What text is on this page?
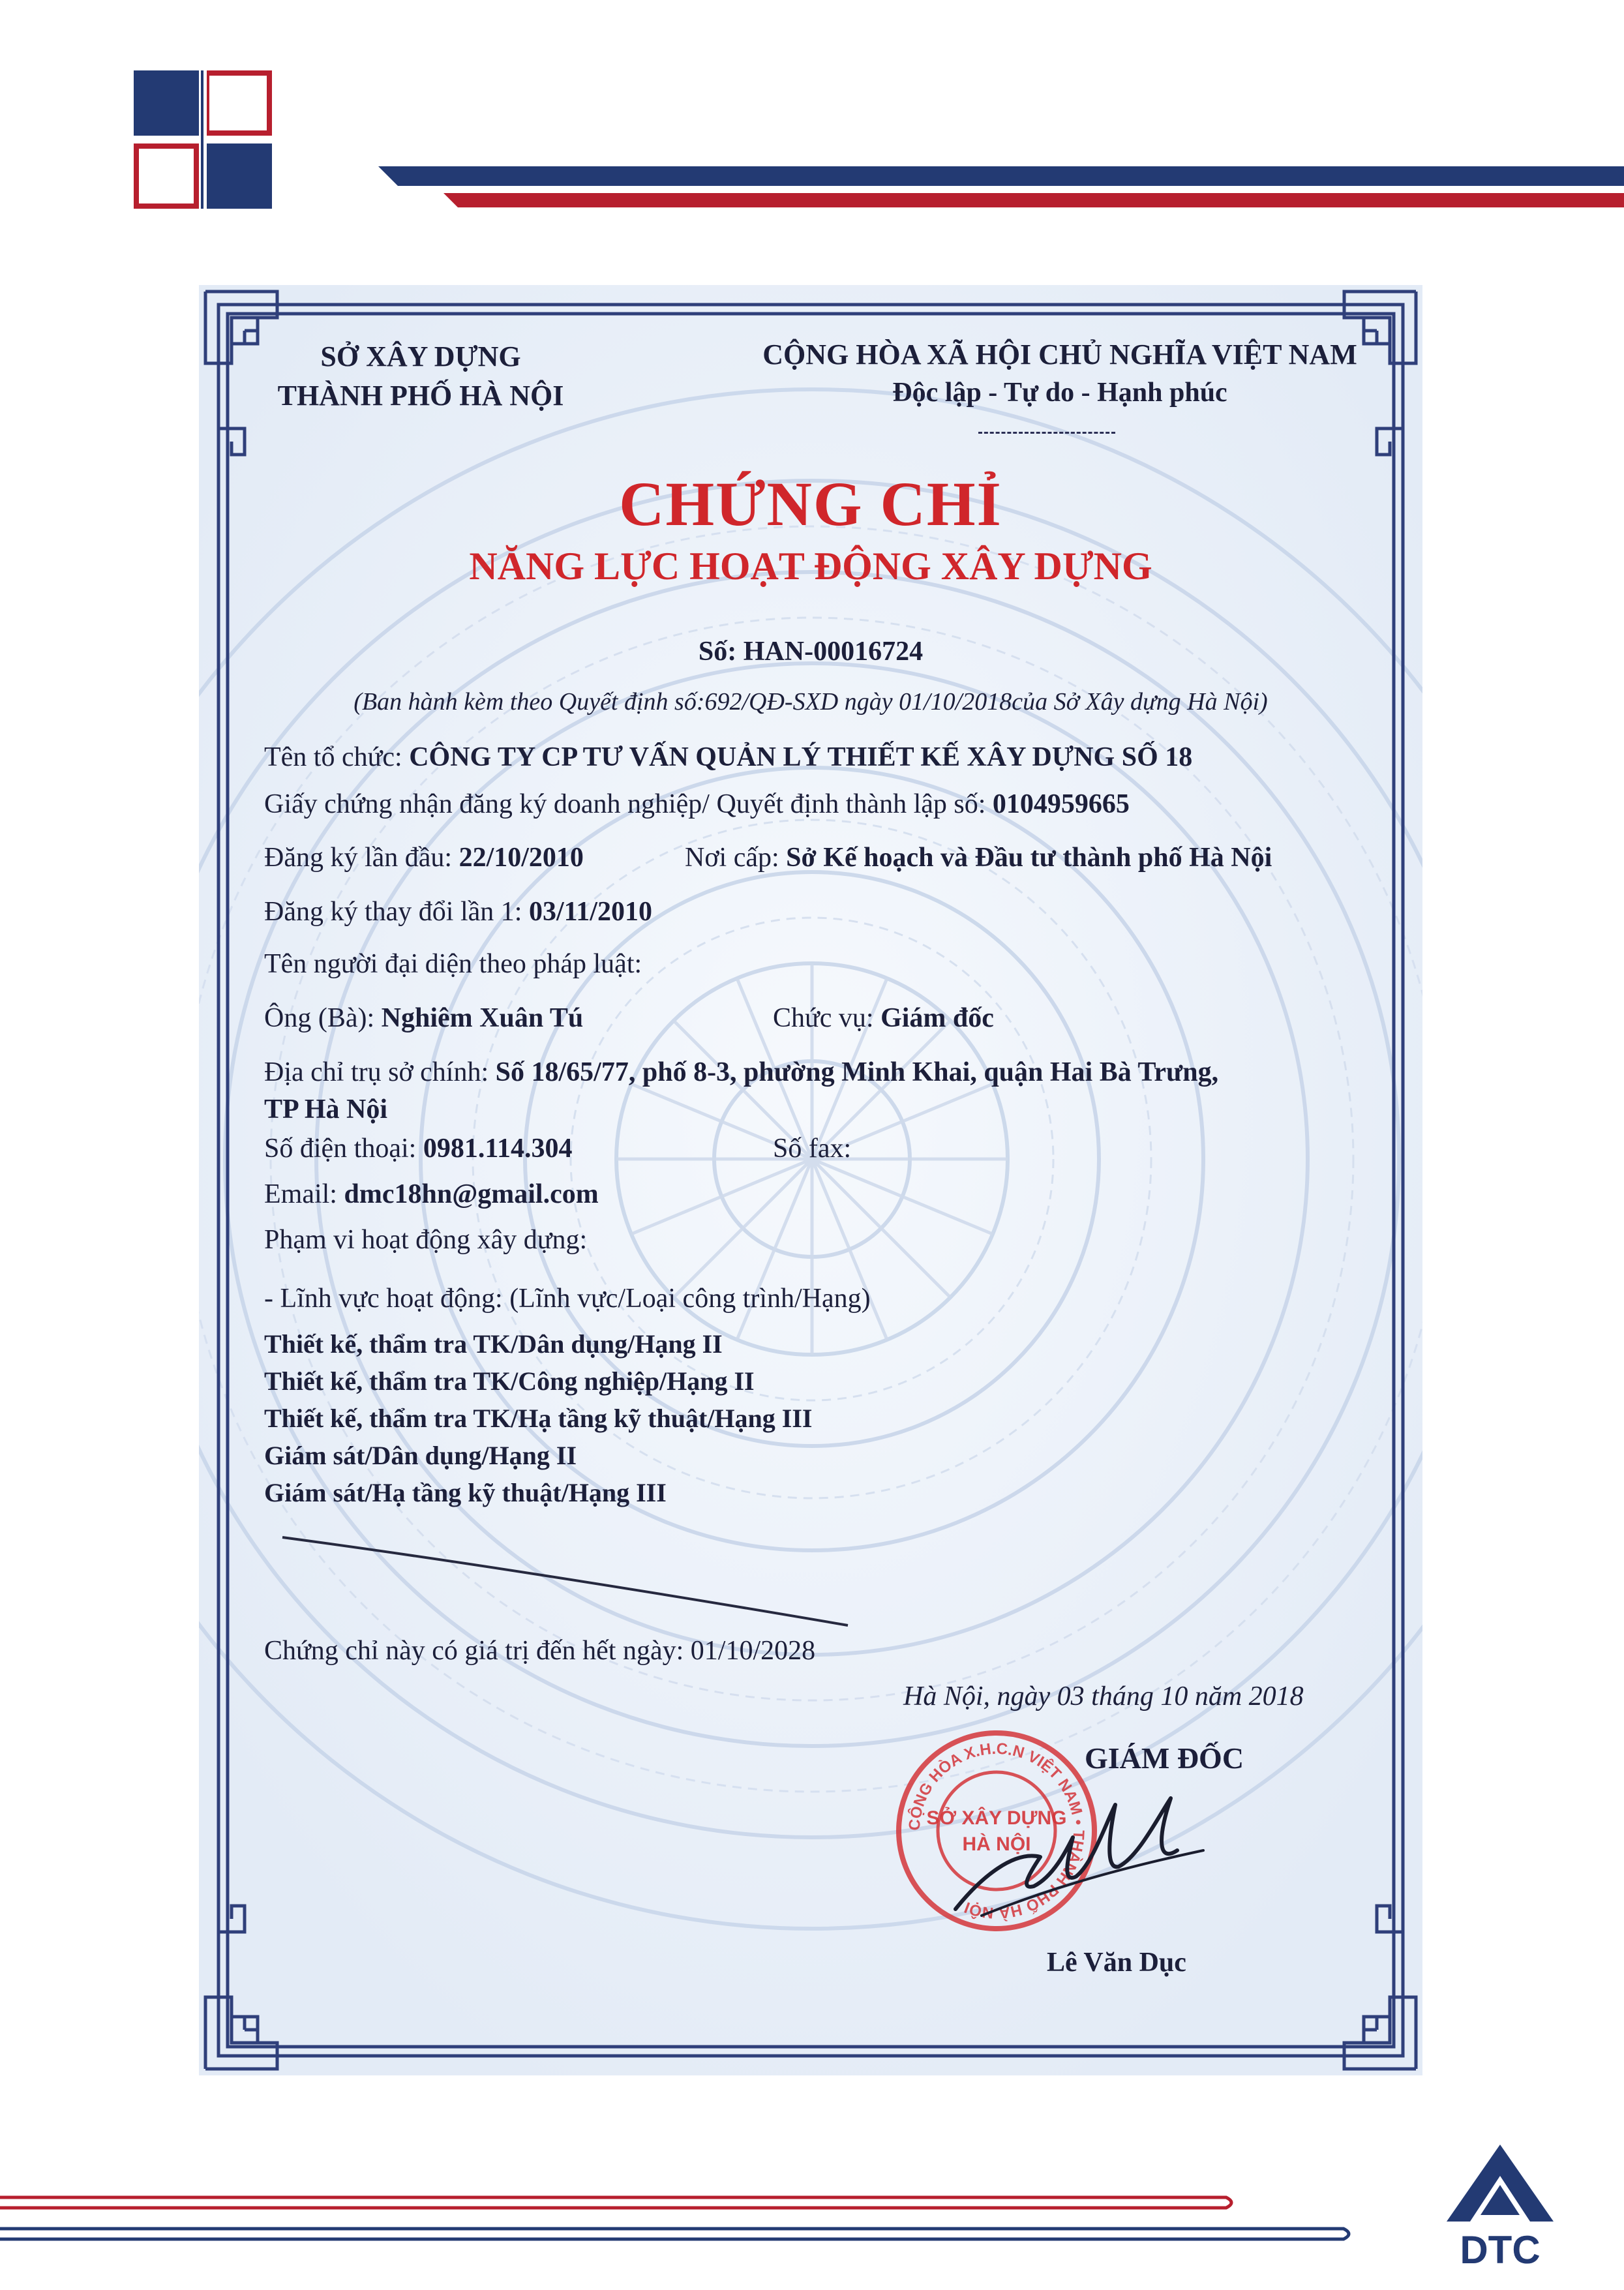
SỞ XÂY DỰNG
THÀNH PHỐ HÀ NỘI
CỘNG HÒA XÃ HỘI CHỦ NGHĨA VIỆT NAM
Độc lập - Tự do - Hạnh phúc
CHỨNG CHỈ
NĂNG LỰC HOẠT ĐỘNG XÂY DỰNG
Số: HAN-00016724
(Ban hành kèm theo Quyết định số:692/QĐ-SXD ngày 01/10/2018của Sở Xây dựng Hà Nội)
Tên tổ chức: CÔNG TY CP TƯ VẤN QUẢN LÝ THIẾT KẾ XÂY DỰNG SỐ 18
Giấy chứng nhận đăng ký doanh nghiệp/ Quyết định thành lập số: 0104959665
Đăng ký lần đầu: 22/10/2010	Nơi cấp: Sở Kế hoạch và Đầu tư thành phố Hà Nội
Đăng ký thay đổi lần 1: 03/11/2010
Tên người đại diện theo pháp luật:
Ông (Bà): Nghiêm Xuân Tú	Chức vụ: Giám đốc
Địa chỉ trụ sở chính: Số 18/65/77, phố 8-3, phường Minh Khai, quận Hai Bà Trưng,
TP Hà Nội
Số điện thoại: 0981.114.304	Số fax:
Email: dmc18hn@gmail.com
Phạm vi hoạt động xây dựng:
- Lĩnh vực hoạt động: (Lĩnh vực/Loại công trình/Hạng)
Thiết kế, thẩm tra TK/Dân dụng/Hạng II
Thiết kế, thẩm tra TK/Công nghiệp/Hạng II
Thiết kế, thẩm tra TK/Hạ tầng kỹ thuật/Hạng III
Giám sát/Dân dụng/Hạng II
Giám sát/Hạ tầng kỹ thuật/Hạng III
Chứng chỉ này có giá trị đến hết ngày: 01/10/2028
Hà Nội, ngày 03 tháng 10 năm 2018
CỘNG HÒA X.H.C.N VIỆT NAM • THÀNH PHỐ HÀ NỘI
SỞ XÂY DỰNG
HÀ NỘI
GIÁM ĐỐC
Lê Văn Dục
DTC
